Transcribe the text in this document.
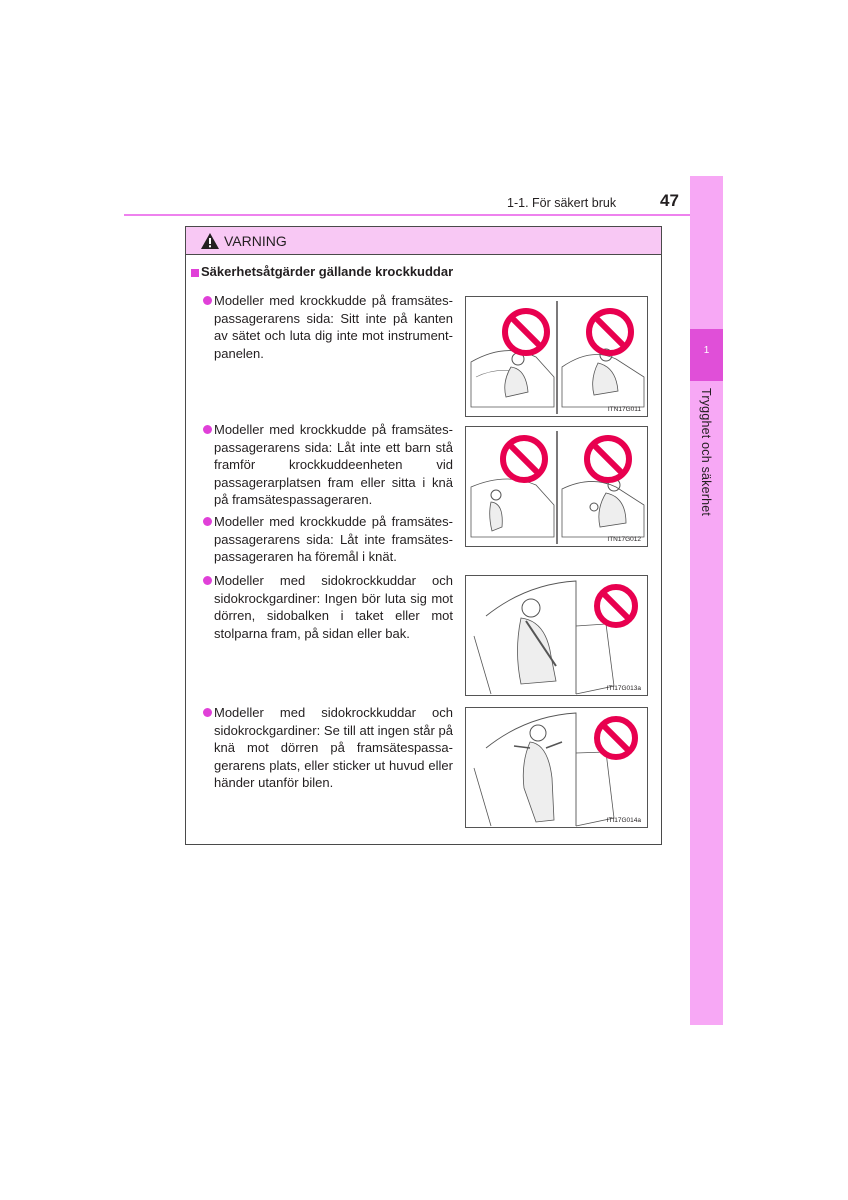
1-1. För säkert bruk	47
1
Trygghet och säkerhet
VARNING
Säkerhetsåtgärder gällande krockkuddar
Modeller med krockkudde på framsätespassagerarens sida: Sitt inte på kanten av sätet och luta dig inte mot instrumentpanelen.
Modeller med krockkudde på framsätespassagerarens sida: Låt inte ett barn stå framför krockkuddeenheten vid passagerarplatsen fram eller sitta i knä på framsätespassageraren.
Modeller med krockkudde på framsätespassagerarens sida: Låt inte framsätespassageraren ha föremål i knät.
Modeller med sidokrockkuddar och sidokrockgardiner: Ingen bör luta sig mot dörren, sidobalken i taket eller mot stolparna fram, på sidan eller bak.
Modeller med sidokrockkuddar och sidokrockgardiner: Se till att ingen står på knä mot dörren på framsätespassagerarens plats, eller sticker ut huvud eller händer utanför bilen.
ITN17G011
ITN17G012
ITI17G013a
ITI17G014a
